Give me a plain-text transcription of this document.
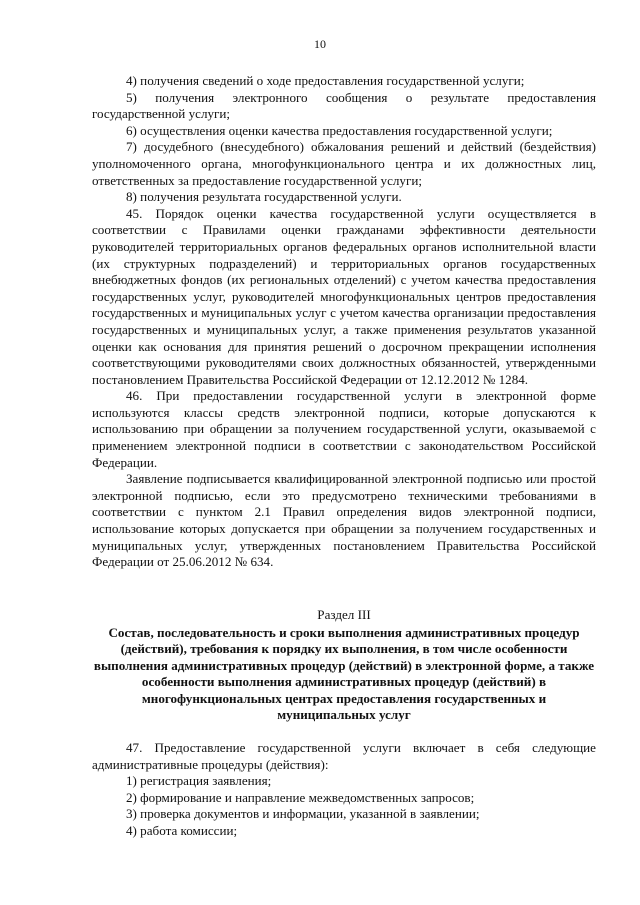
10

4) получения сведений о ходе предоставления государственной услуги;

5) получения электронного сообщения о результате предоставления государственной услуги;

6) осуществления оценки качества предоставления государственной услуги;

7) досудебного (внесудебного) обжалования решений и действий (бездействия) уполномоченного органа, многофункционального центра и их должностных лиц, ответственных за предоставление государственной услуги;

8) получения результата государственной услуги.

45. Порядок оценки качества государственной услуги осуществляется в соответствии с Правилами оценки гражданами эффективности деятельности руководителей территориальных органов федеральных органов исполнительной власти (их структурных подразделений) и территориальных органов государственных внебюджетных фондов (их региональных отделений) с учетом качества предоставления государственных услуг, руководителей многофункциональных центров предоставления государственных и муниципальных услуг с учетом качества организации предоставления государственных и муниципальных услуг, а также применения результатов указанной оценки как основания для принятия решений о досрочном прекращении исполнения соответствующими руководителями своих должностных обязанностей, утвержденными постановлением Правительства Российской Федерации от 12.12.2012 № 1284.

46. При предоставлении государственной услуги в электронной форме используются классы средств электронной подписи, которые допускаются к использованию при обращении за получением государственной услуги, оказываемой с применением электронной подписи в соответствии с законодательством Российской Федерации.

Заявление подписывается квалифицированной электронной подписью или простой электронной подписью, если это предусмотрено техническими требованиями в соответствии с пунктом 2.1 Правил определения видов электронной подписи, использование которых допускается при обращении за получением государственных и муниципальных услуг, утвержденных постановлением Правительства Российской Федерации от 25.06.2012 № 634.

Раздел III

Состав, последовательность и сроки выполнения административных процедур (действий), требования к порядку их выполнения, в том числе особенности выполнения административных процедур (действий) в электронной форме, а также особенности выполнения административных процедур (действий) в многофункциональных центрах предоставления государственных и муниципальных услуг

47. Предоставление государственной услуги включает в себя следующие административные процедуры (действия):

1) регистрация заявления;

2) формирование и направление межведомственных запросов;

3) проверка документов и информации, указанной в заявлении;

4) работа комиссии;
